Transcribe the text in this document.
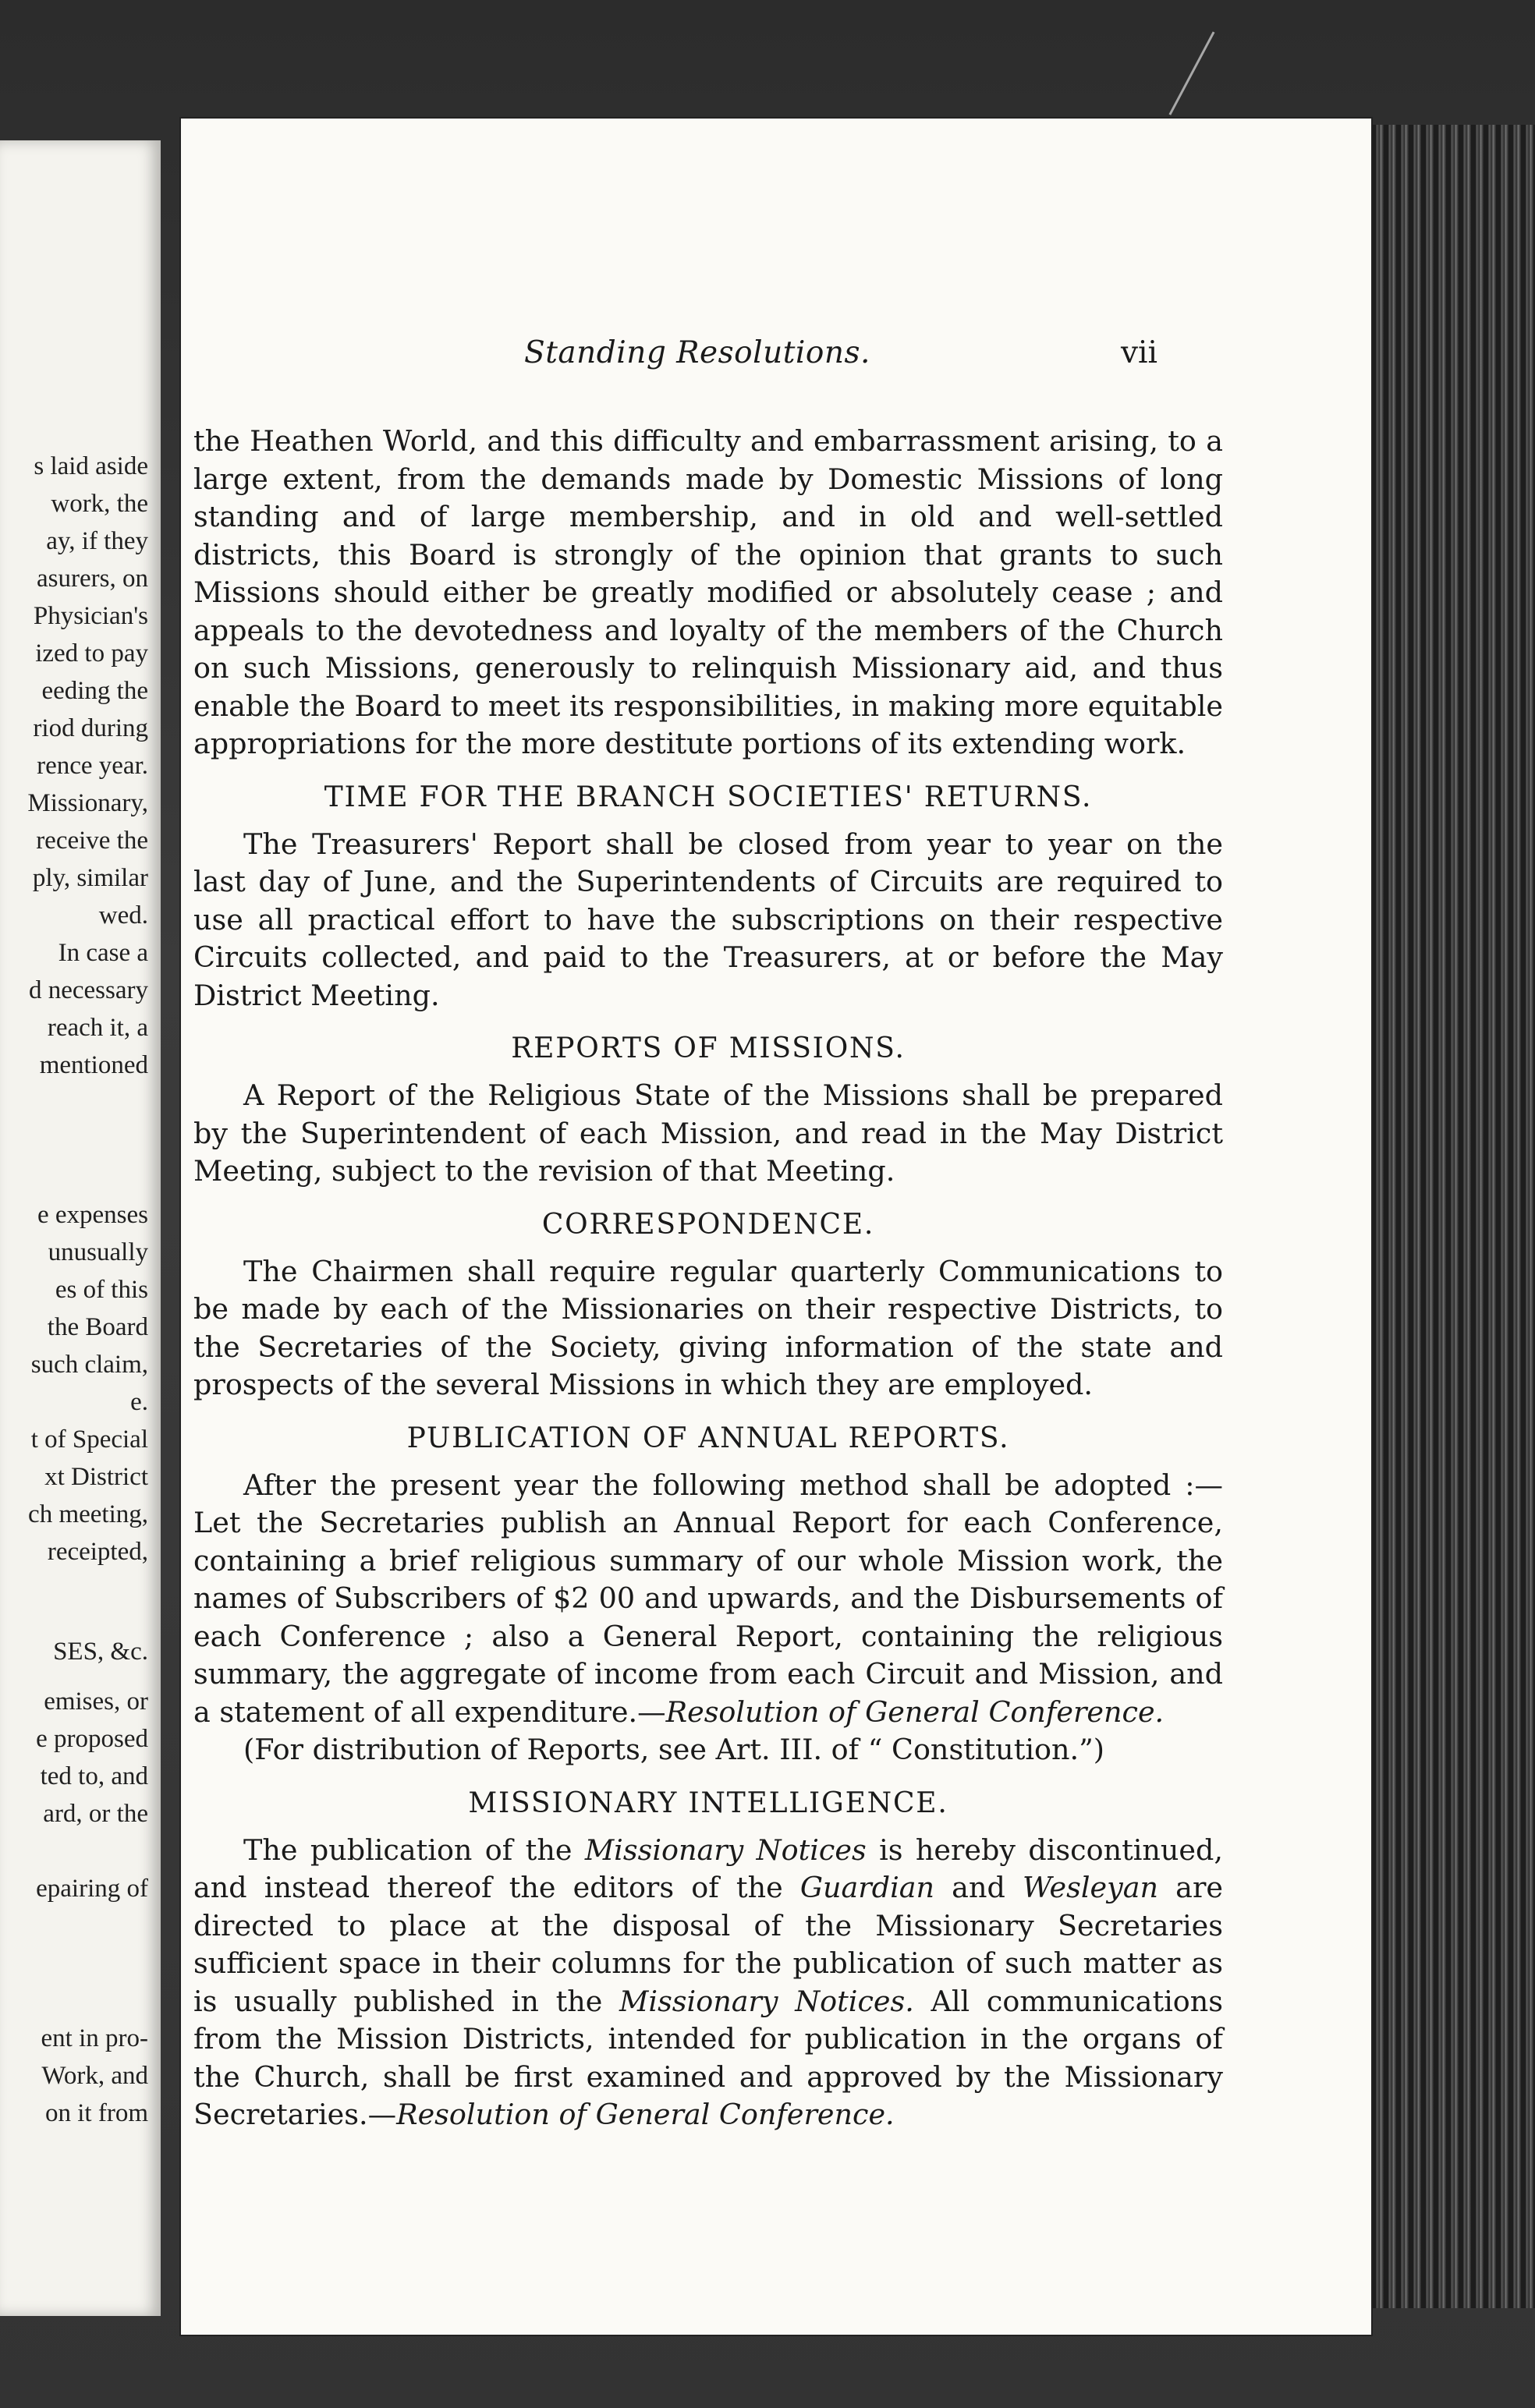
s laid aside
work, the
ay, if they
asurers, on
Physician's
ized to pay
eeding the
riod during
rence year.
Missionary,
receive the
ply, similar
wed.
In case a
d necessary
reach it, a
mentioned
e expenses
unusually
es of this
the Board
such claim,
e.
t of Special
xt District
ch meeting,
receipted,
SES, &c.
emises, or
e proposed
ted to, and
ard, or the
epairing of
ent in pro-
Work, and
on it from
Standing Resolutions.	vii

the Heathen World, and this difficulty and embarrassment arising, to a large extent, from the demands made by Domestic Missions of long standing and of large membership, and in old and well-settled districts, this Board is strongly of the opinion that grants to such Missions should either be greatly modified or absolutely cease ; and appeals to the devotedness and loyalty of the members of the Church on such Missions, generously to relinquish Missionary aid, and thus enable the Board to meet its responsibilities, in making more equitable appropriations for the more destitute portions of its extending work.

TIME FOR THE BRANCH SOCIETIES' RETURNS.

The Treasurers' Report shall be closed from year to year on the last day of June, and the Superintendents of Circuits are required to use all practical effort to have the subscriptions on their respective Circuits collected, and paid to the Treasurers, at or before the May District Meeting.

REPORTS OF MISSIONS.

A Report of the Religious State of the Missions shall be prepared by the Superintendent of each Mission, and read in the May District Meeting, subject to the revision of that Meeting.

CORRESPONDENCE.

The Chairmen shall require regular quarterly Communications to be made by each of the Missionaries on their respective Districts, to the Secretaries of the Society, giving information of the state and prospects of the several Missions in which they are employed.

PUBLICATION OF ANNUAL REPORTS.

After the present year the following method shall be adopted :— Let the Secretaries publish an Annual Report for each Conference, containing a brief religious summary of our whole Mission work, the names of Subscribers of $2 00 and upwards, and the Disbursements of each Conference ; also a General Report, containing the religious summary, the aggregate of income from each Circuit and Mission, and a statement of all expenditure.—Resolution of General Conference.

(For distribution of Reports, see Art. III. of “ Constitution.”)

MISSIONARY INTELLIGENCE.

The publication of the Missionary Notices is hereby discontinued, and instead thereof the editors of the Guardian and Wesleyan are directed to place at the disposal of the Missionary Secretaries sufficient space in their columns for the publication of such matter as is usually published in the Missionary Notices. All communications from the Mission Districts, intended for publication in the organs of the Church, shall be first examined and approved by the Missionary Secretaries.—Resolution of General Conference.
